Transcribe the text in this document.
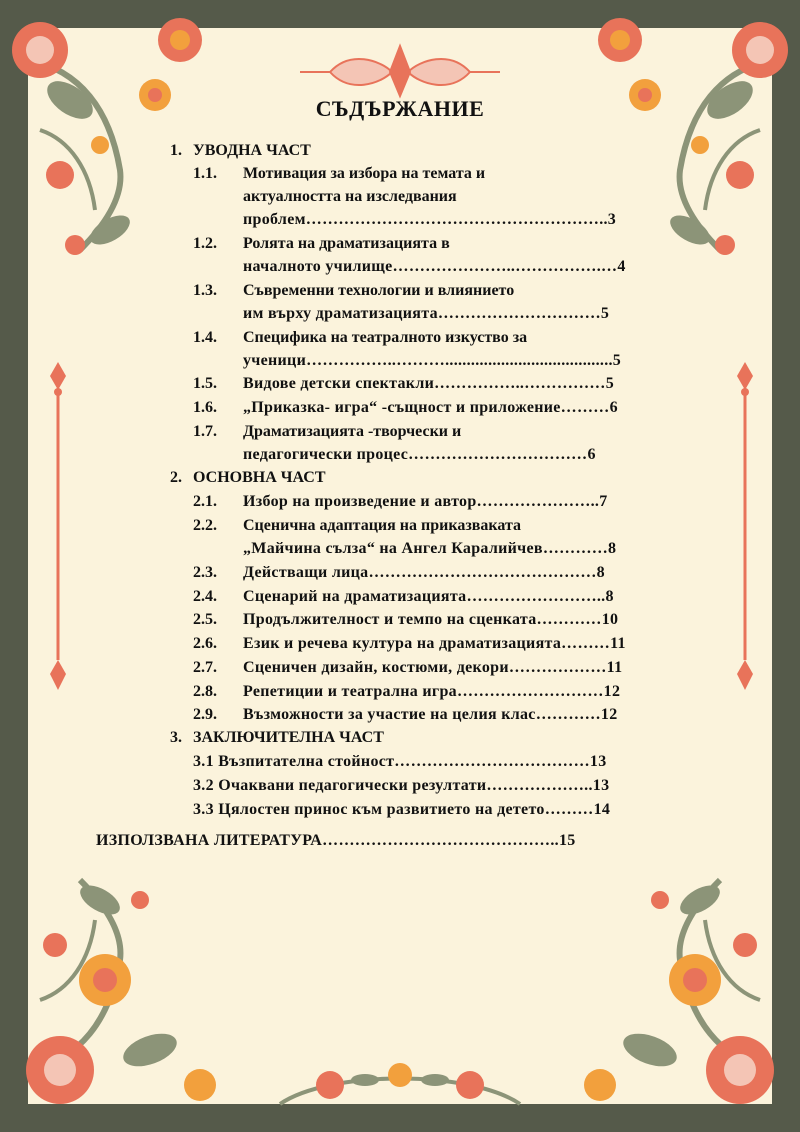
СЪДЪРЖАНИЕ
1. УВОДНА ЧАСТ
1.1. Мотивация за избора на темата и
актуалността на изследвания
проблем………………………………………………..3
1.2. Ролята на драматизацията в
началното училище…………………..…………….…4
1.3. Съвременни технологии и влиянието
им върху драматизацията…………………………5
1.4. Специфика на театралното изкуство за
ученици……………..……….......................................5
1.5. Видове детски спектакли……………..……………5
1.6. „Приказка- игра“ -същност и приложение………6
1.7. Драматизацията -творчески и
педагогически процес……………………………6
2. ОСНОВНА ЧАСТ
2.1. Избор на произведение и автор…………………..7
2.2. Сценична адаптация на приказваката
„Майчина сълза“ на Ангел Каралийчев…………8
2.3. Действащи лица……………………………………8
2.4. Сценарий на драматизацията……………………..8
2.5. Продължителност и темпо на сценката…………10
2.6. Език и речева култура на драматизацията………11
2.7. Сценичен дизайн, костюми, декори………………11
2.8. Репетиции и театрална игра………………………12
2.9. Възможности за участие на целия клас…………12
3. ЗАКЛЮЧИТЕЛНА ЧАСТ
3.1 Възпитателна стойност………………………………13
3.2 Очаквани педагогически резултати………………..13
3.3 Цялостен принос към развитието на детето………14
ИЗПОЛЗВАНА ЛИТЕРАТУРА……………………………………..15
